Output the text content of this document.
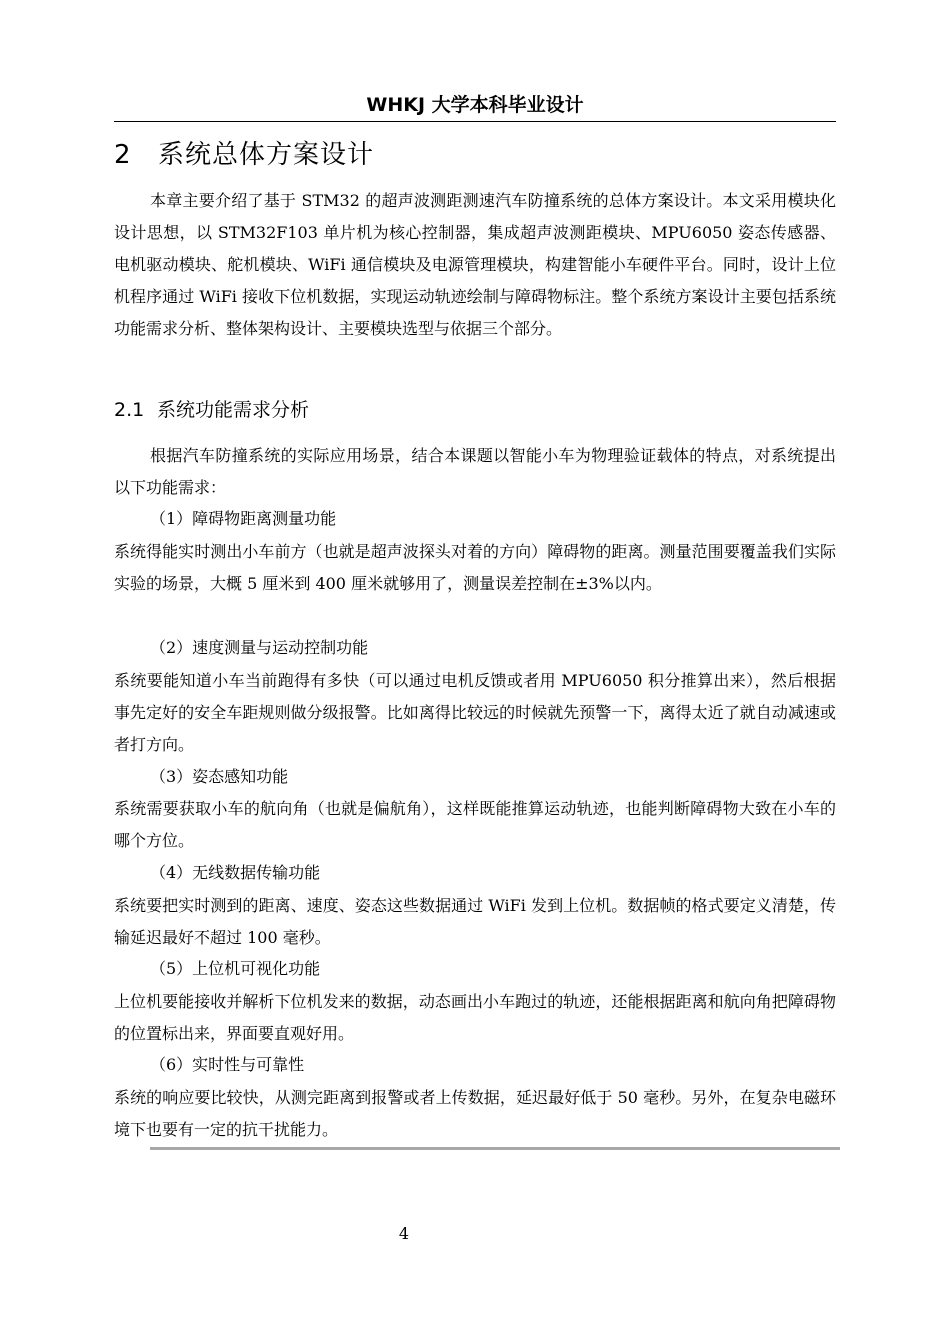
WHKJ 大学本科毕业设计
2 系统总体方案设计

本章主要介绍了基于 STM32 的超声波测距测速汽车防撞系统的总体方案设计。本文采用模块化设计思想，以 STM32F103 单片机为核心控制器，集成超声波测距模块、MPU6050 姿态传感器、电机驱动模块、舵机模块、WiFi 通信模块及电源管理模块，构建智能小车硬件平台。同时，设计上位机程序通过 WiFi 接收下位机数据，实现运动轨迹绘制与障碍物标注。整个系统方案设计主要包括系统功能需求分析、整体架构设计、主要模块选型与依据三个部分。

2.1 系统功能需求分析

根据汽车防撞系统的实际应用场景，结合本课题以智能小车为物理验证载体的特点，对系统提出以下功能需求：

（1）障碍物距离测量功能

系统得能实时测出小车前方（也就是超声波探头对着的方向）障碍物的距离。测量范围要覆盖我们实际实验的场景，大概 5 厘米到 400 厘米就够用了，测量误差控制在±3%以内。

（2）速度测量与运动控制功能

系统要能知道小车当前跑得有多快（可以通过电机反馈或者用 MPU6050 积分推算出来），然后根据事先定好的安全车距规则做分级报警。比如离得比较远的时候就先预警一下，离得太近了就自动减速或者打方向。

（3）姿态感知功能

系统需要获取小车的航向角（也就是偏航角），这样既能推算运动轨迹，也能判断障碍物大致在小车的哪个方位。

（4）无线数据传输功能

系统要把实时测到的距离、速度、姿态这些数据通过 WiFi 发到上位机。数据帧的格式要定义清楚，传输延迟最好不超过 100 毫秒。

（5）上位机可视化功能

上位机要能接收并解析下位机发来的数据，动态画出小车跑过的轨迹，还能根据距离和航向角把障碍物的位置标出来，界面要直观好用。

（6）实时性与可靠性

系统的响应要比较快，从测完距离到报警或者上传数据，延迟最好低于 50 毫秒。另外，在复杂电磁环境下也要有一定的抗干扰能力。

4
